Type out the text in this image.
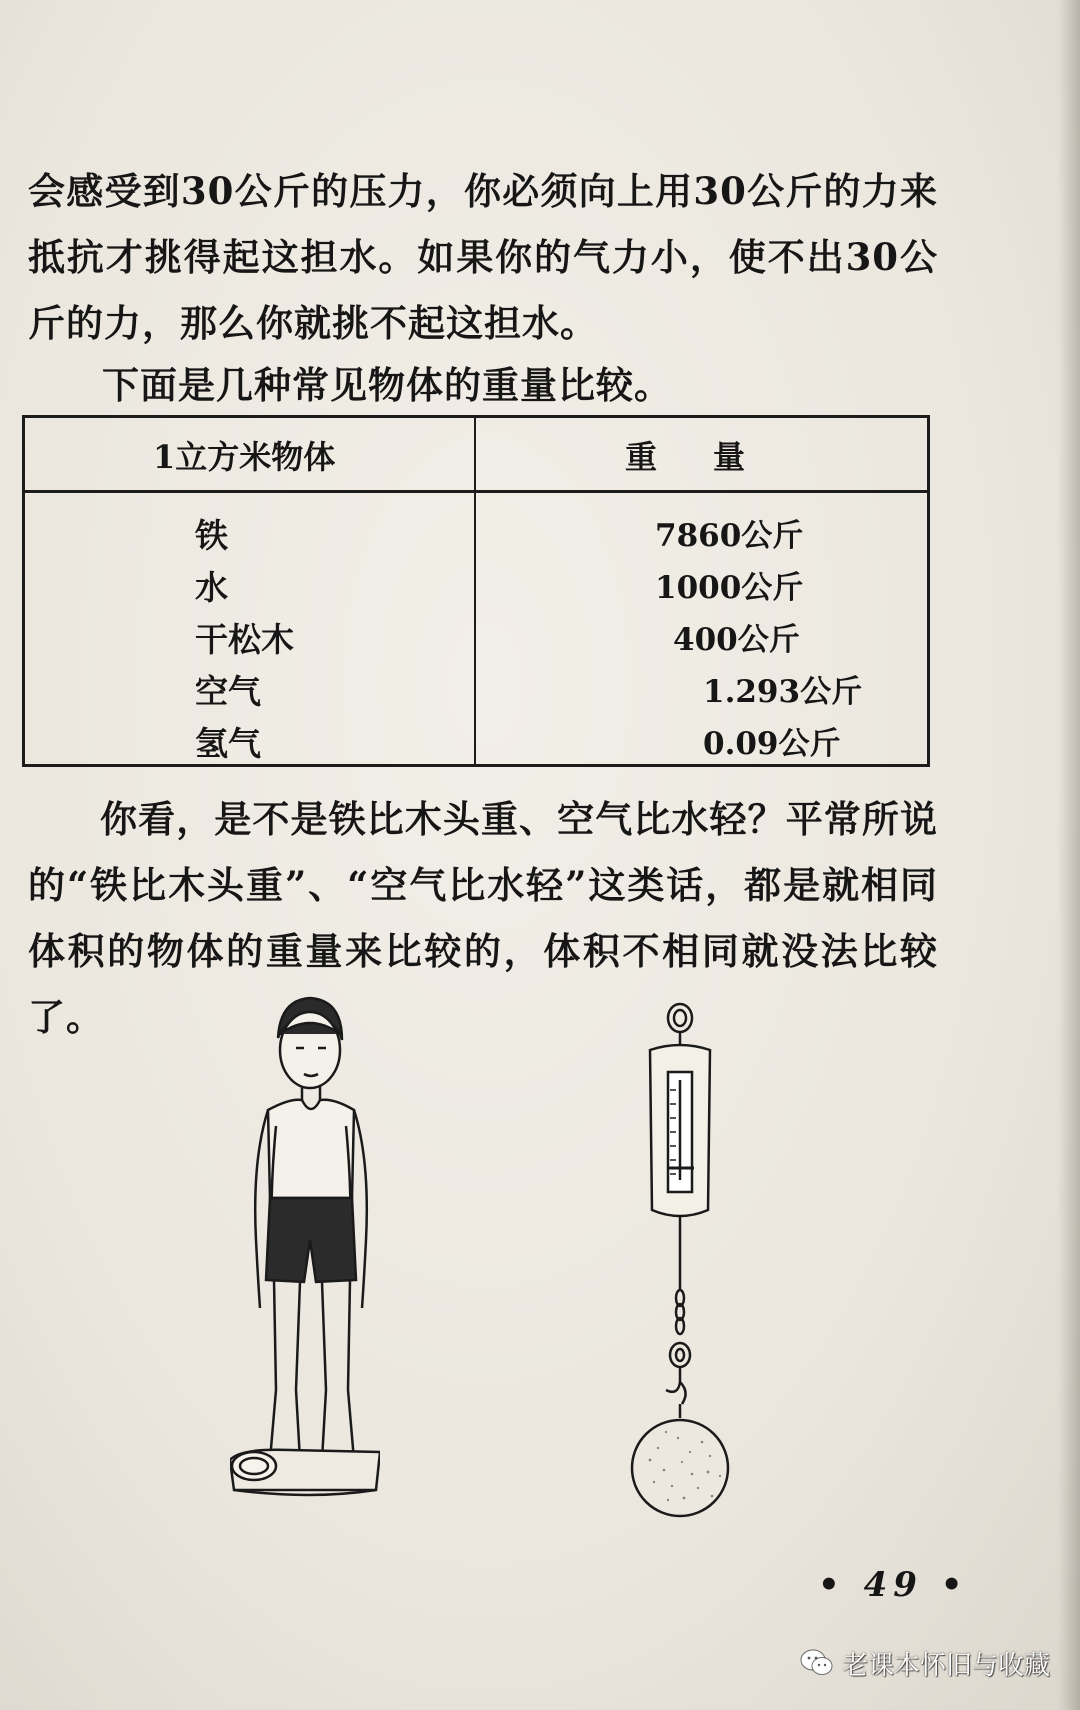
会感受到30公斤的压力，你必须向上用30公斤的力来抵抗才挑得起这担水。如果你的气力小，使不出30公斤的力，那么你就挑不起这担水。

下面是几种常见物体的重量比较。

1立方米物体	重量
铁
水
干松木
空气
氢气
7860公斤
1000公斤
400公斤
1.293公斤
0.09公斤

你看，是不是铁比木头重、空气比水轻？平常所说的“铁比木头重”、“空气比水轻”这类话，都是就相同体积的物体的重量来比较的，体积不相同就没法比较了。

• 49 •
老课本怀旧与收藏
